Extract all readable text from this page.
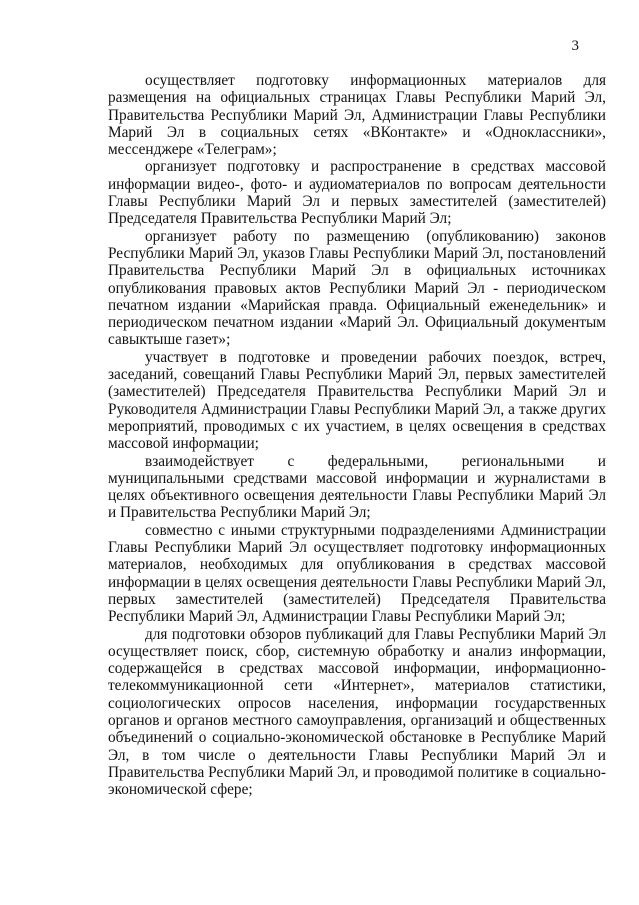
3

осуществляет подготовку информационных материалов для размещения на официальных страницах Главы Республики Марий Эл, Правительства Республики Марий Эл, Администрации Главы Республики Марий Эл в социальных сетях «ВКонтакте» и «Одноклассники», мессенджере «Телеграм»;

организует подготовку и распространение в средствах массовой информации видео-, фото- и аудиоматериалов по вопросам деятельности Главы Республики Марий Эл и первых заместителей (заместителей) Председателя Правительства Республики Марий Эл;

организует работу по размещению (опубликованию) законов Республики Марий Эл, указов Главы Республики Марий Эл, постановлений Правительства Республики Марий Эл в официальных источниках опубликования правовых актов Республики Марий Эл - периодическом печатном издании «Марийская правда. Официальный еженедельник» и периодическом печатном издании «Марий Эл. Официальный документым савыктыше газет»;

участвует в подготовке и проведении рабочих поездок, встреч, заседаний, совещаний Главы Республики Марий Эл, первых заместителей (заместителей) Председателя Правительства Республики Марий Эл и Руководителя Администрации Главы Республики Марий Эл, а также других мероприятий, проводимых с их участием, в целях освещения в средствах массовой информации;

взаимодействует с федеральными, региональными и муниципальными средствами массовой информации и журналистами в целях объективного освещения деятельности Главы Республики Марий Эл и Правительства Республики Марий Эл;

совместно с иными структурными подразделениями Администрации Главы Республики Марий Эл осуществляет подготовку информационных материалов, необходимых для опубликования в средствах массовой информации в целях освещения деятельности Главы Республики Марий Эл, первых заместителей (заместителей) Председателя Правительства Республики Марий Эл, Администрации Главы Республики Марий Эл;

для подготовки обзоров публикаций для Главы Республики Марий Эл осуществляет поиск, сбор, системную обработку и анализ информации, содержащейся в средствах массовой информации, информационно-телекоммуникационной сети «Интернет», материалов статистики, социологических опросов населения, информации государственных органов и органов местного самоуправления, организаций и общественных объединений о социально-экономической обстановке в Республике Марий Эл, в том числе о деятельности Главы Республики Марий Эл и Правительства Республики Марий Эл, и проводимой политике в социально-экономической сфере;
